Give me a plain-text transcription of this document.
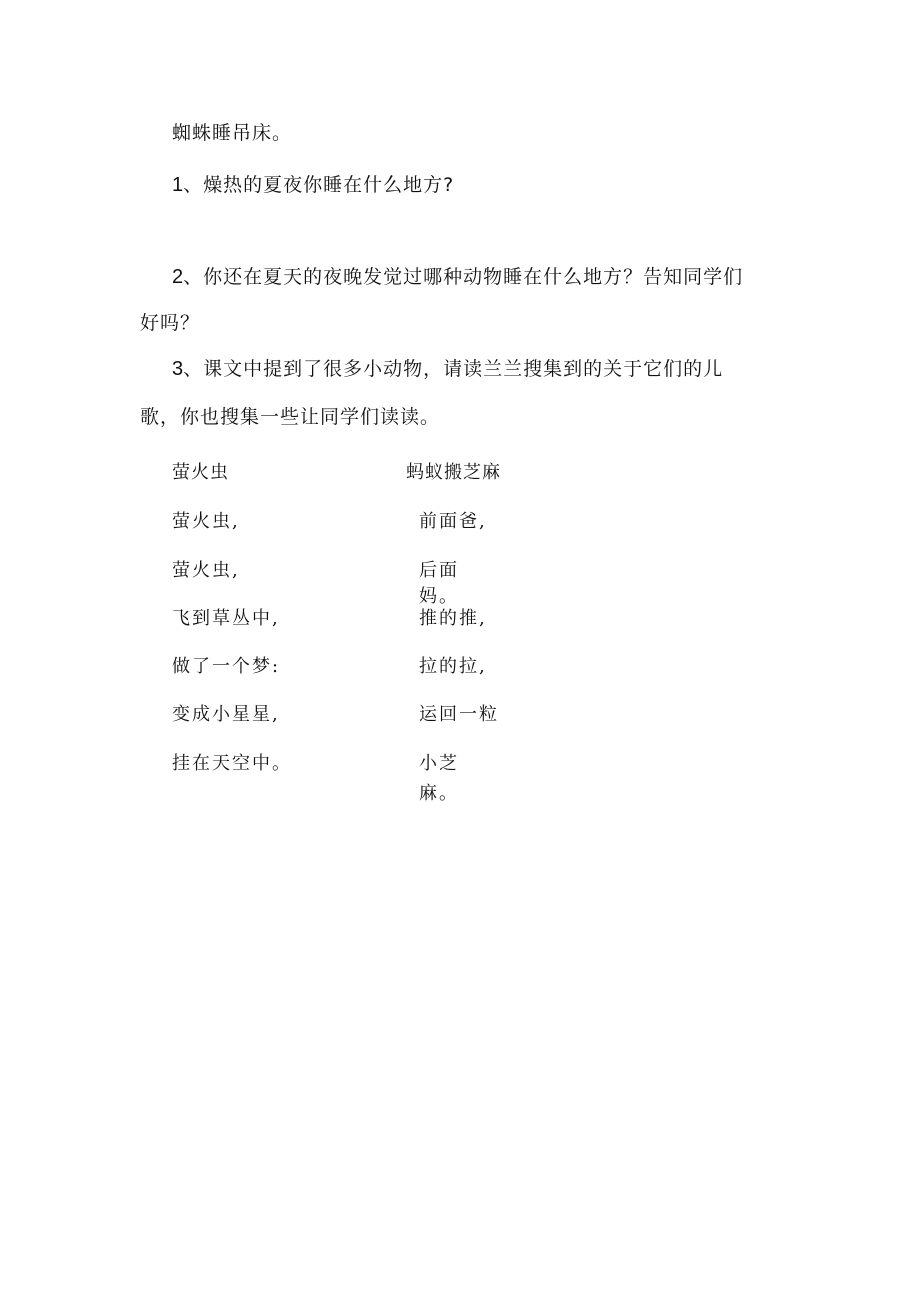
蜘蛛睡吊床。
1、燥热的夏夜你睡在什么地方?
2、你还在夏天的夜晚发觉过哪种动物睡在什么地方？告知同学们
好吗？
3、课文中提到了很多小动物，请读兰兰搜集到的关于它们的儿
歌，你也搜集一些让同学们读读。
萤火虫
萤火虫,
萤火虫,
飞到草丛中,
做了一个梦:
变成小星星,
挂在天空中。
蚂蚁搬芝麻
前面爸,
后面
妈。
推的推,
拉的拉,
运回一粒
小芝
麻。
